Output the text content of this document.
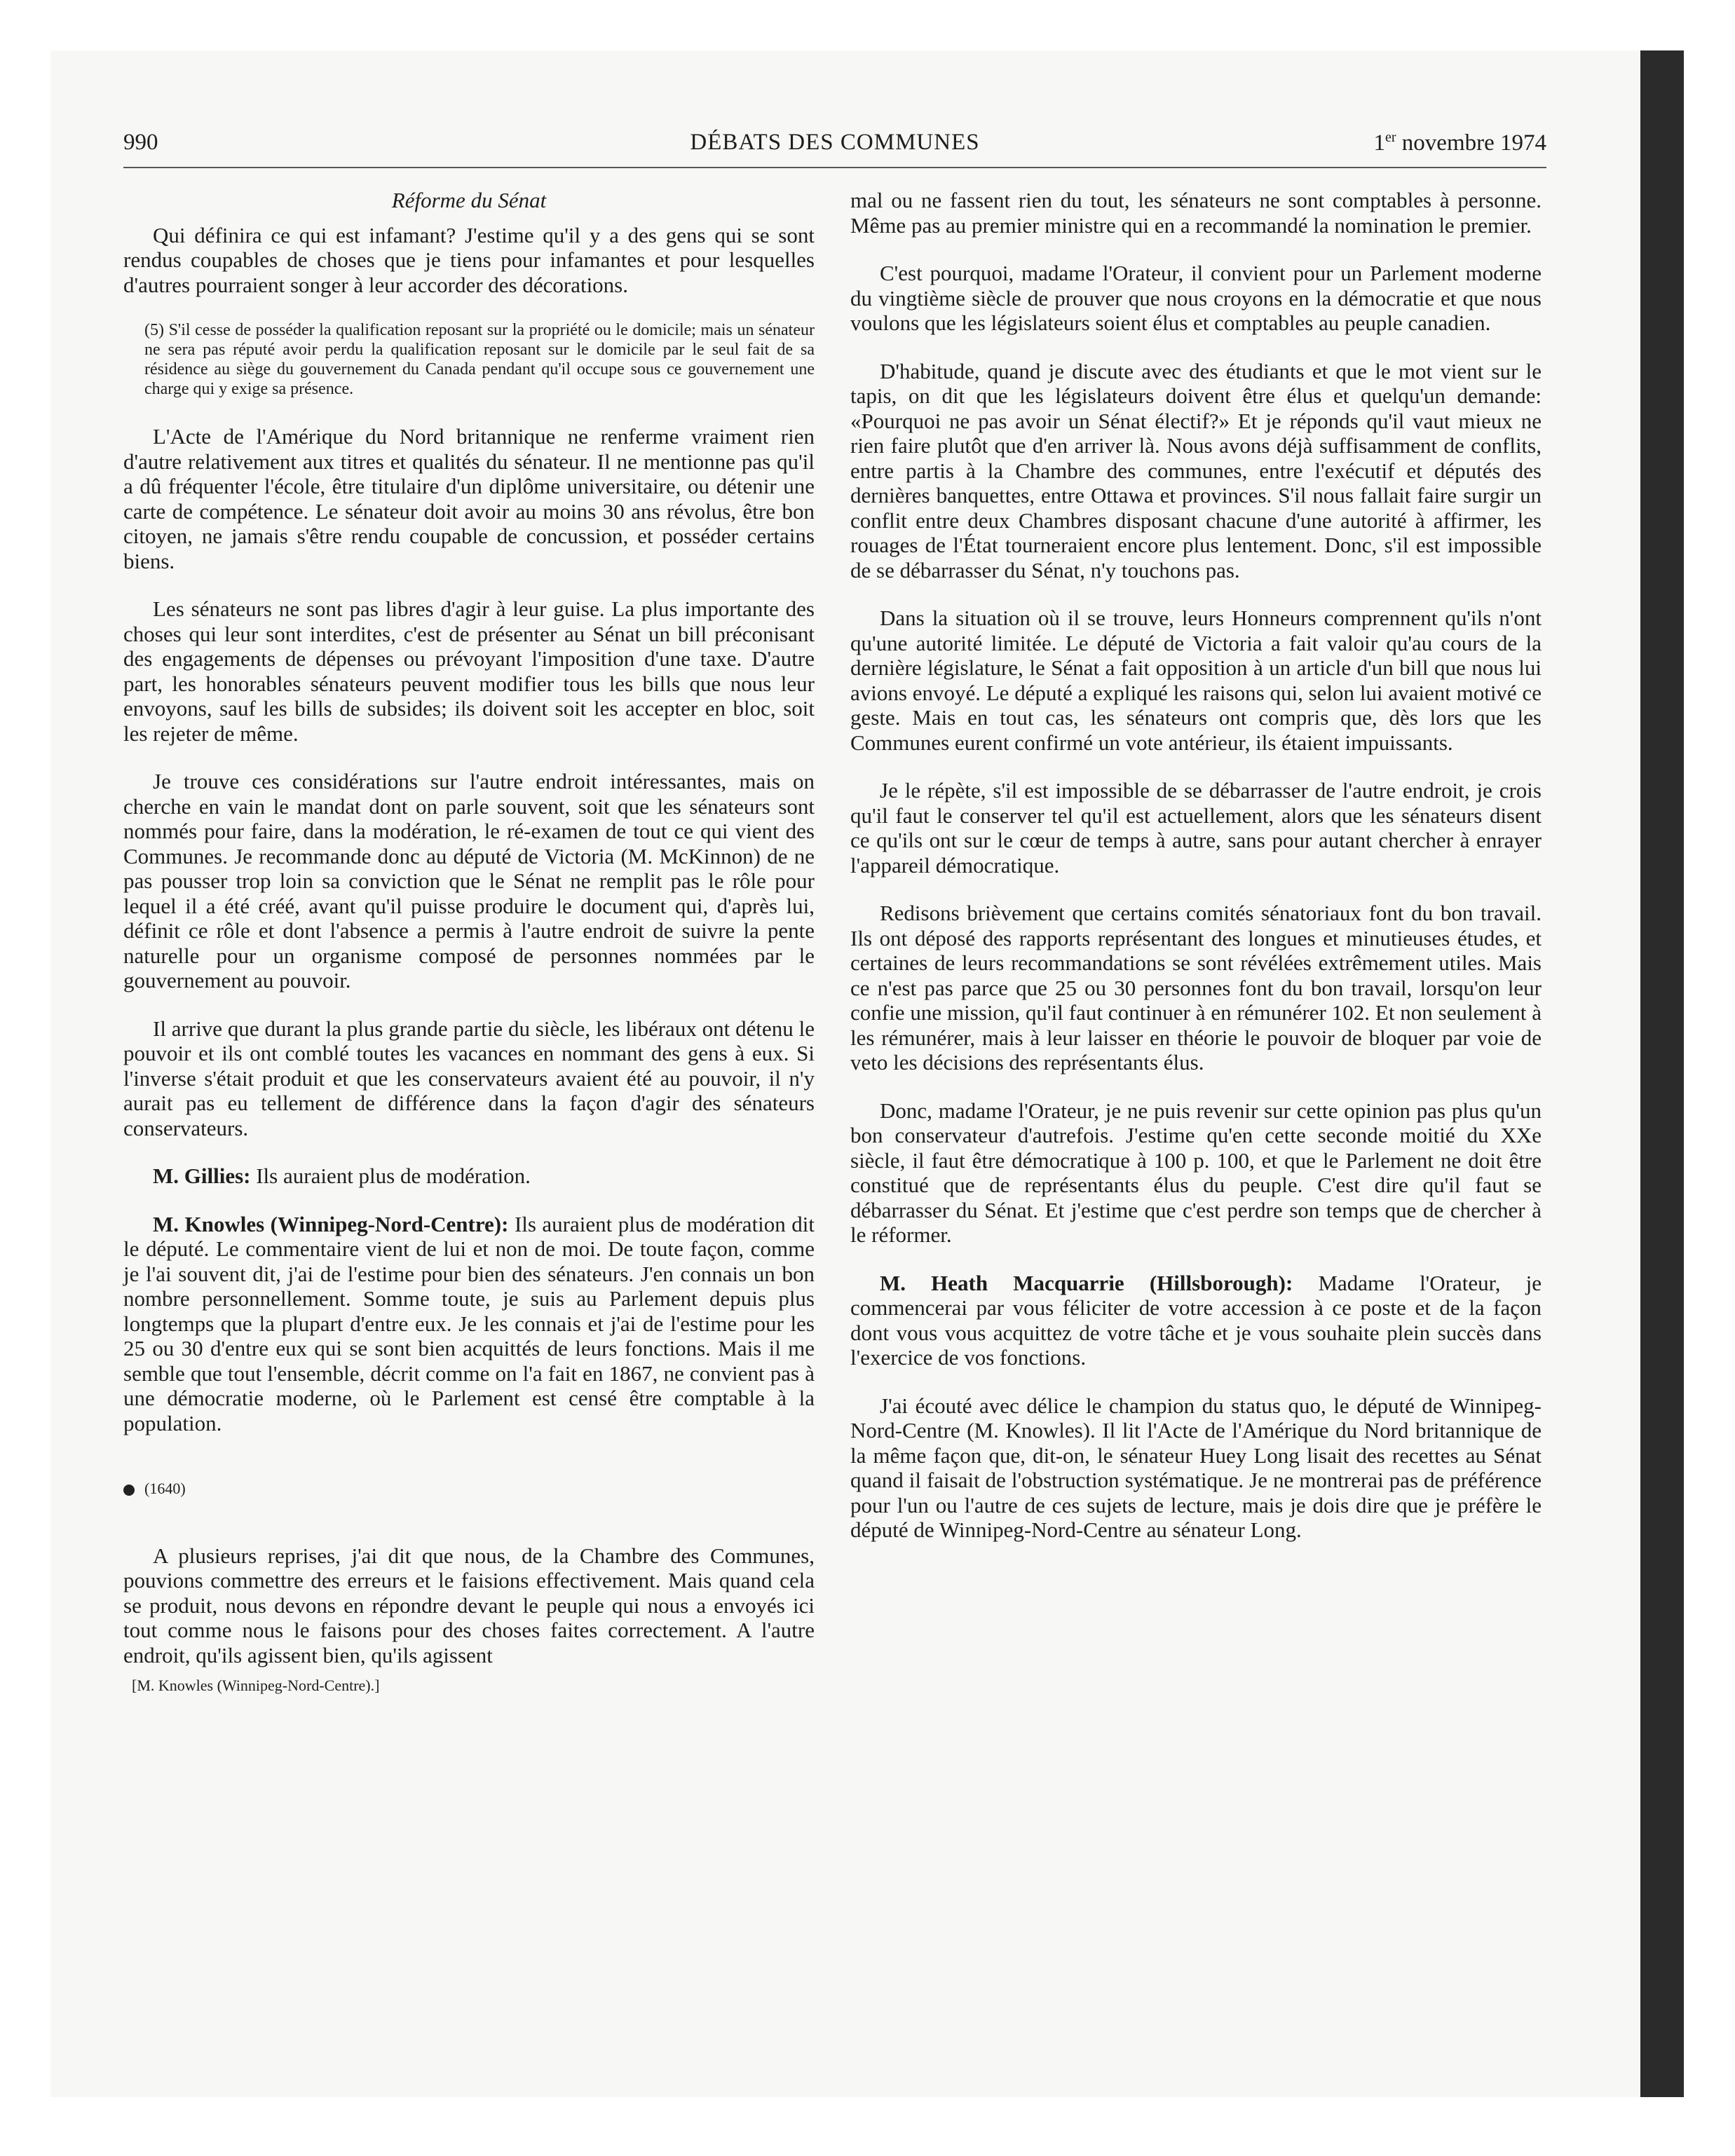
990	DÉBATS DES COMMUNES	1er novembre 1974
Réforme du Sénat

Qui définira ce qui est infamant? J'estime qu'il y a des gens qui se sont rendus coupables de choses que je tiens pour infamantes et pour lesquelles d'autres pourraient songer à leur accorder des décorations.

(5) S'il cesse de posséder la qualification reposant sur la propriété ou le domicile; mais un sénateur ne sera pas réputé avoir perdu la qualification reposant sur le domicile par le seul fait de sa résidence au siège du gouvernement du Canada pendant qu'il occupe sous ce gouvernement une charge qui y exige sa présence.

L'Acte de l'Amérique du Nord britannique ne renferme vraiment rien d'autre relativement aux titres et qualités du sénateur. Il ne mentionne pas qu'il a dû fréquenter l'école, être titulaire d'un diplôme universitaire, ou détenir une carte de compétence. Le sénateur doit avoir au moins 30 ans révolus, être bon citoyen, ne jamais s'être rendu coupable de concussion, et posséder certains biens.

Les sénateurs ne sont pas libres d'agir à leur guise. La plus importante des choses qui leur sont interdites, c'est de présenter au Sénat un bill préconisant des engagements de dépenses ou prévoyant l'imposition d'une taxe. D'autre part, les honorables sénateurs peuvent modifier tous les bills que nous leur envoyons, sauf les bills de subsides; ils doivent soit les accepter en bloc, soit les rejeter de même.

Je trouve ces considérations sur l'autre endroit intéressantes, mais on cherche en vain le mandat dont on parle souvent, soit que les sénateurs sont nommés pour faire, dans la modération, le ré-examen de tout ce qui vient des Communes. Je recommande donc au député de Victoria (M. McKinnon) de ne pas pousser trop loin sa conviction que le Sénat ne remplit pas le rôle pour lequel il a été créé, avant qu'il puisse produire le document qui, d'après lui, définit ce rôle et dont l'absence a permis à l'autre endroit de suivre la pente naturelle pour un organisme composé de personnes nommées par le gouvernement au pouvoir.

Il arrive que durant la plus grande partie du siècle, les libéraux ont détenu le pouvoir et ils ont comblé toutes les vacances en nommant des gens à eux. Si l'inverse s'était produit et que les conservateurs avaient été au pouvoir, il n'y aurait pas eu tellement de différence dans la façon d'agir des sénateurs conservateurs.

M. Gillies: Ils auraient plus de modération.

M. Knowles (Winnipeg-Nord-Centre): Ils auraient plus de modération dit le député. Le commentaire vient de lui et non de moi. De toute façon, comme je l'ai souvent dit, j'ai de l'estime pour bien des sénateurs. J'en connais un bon nombre personnellement. Somme toute, je suis au Parlement depuis plus longtemps que la plupart d'entre eux. Je les connais et j'ai de l'estime pour les 25 ou 30 d'entre eux qui se sont bien acquittés de leurs fonctions. Mais il me semble que tout l'ensemble, décrit comme on l'a fait en 1867, ne convient pas à une démocratie moderne, où le Parlement est censé être comptable à la population.

(1640)

A plusieurs reprises, j'ai dit que nous, de la Chambre des Communes, pouvions commettre des erreurs et le faisions effectivement. Mais quand cela se produit, nous devons en répondre devant le peuple qui nous a envoyés ici tout comme nous le faisons pour des choses faites correctement. A l'autre endroit, qu'ils agissent bien, qu'ils agissent

[M. Knowles (Winnipeg-Nord-Centre).]

mal ou ne fassent rien du tout, les sénateurs ne sont comptables à personne. Même pas au premier ministre qui en a recommandé la nomination le premier.

C'est pourquoi, madame l'Orateur, il convient pour un Parlement moderne du vingtième siècle de prouver que nous croyons en la démocratie et que nous voulons que les législateurs soient élus et comptables au peuple canadien.

D'habitude, quand je discute avec des étudiants et que le mot vient sur le tapis, on dit que les législateurs doivent être élus et quelqu'un demande: «Pourquoi ne pas avoir un Sénat électif?» Et je réponds qu'il vaut mieux ne rien faire plutôt que d'en arriver là. Nous avons déjà suffisamment de conflits, entre partis à la Chambre des communes, entre l'exécutif et députés des dernières banquettes, entre Ottawa et provinces. S'il nous fallait faire surgir un conflit entre deux Chambres disposant chacune d'une autorité à affirmer, les rouages de l'État tourneraient encore plus lentement. Donc, s'il est impossible de se débarrasser du Sénat, n'y touchons pas.

Dans la situation où il se trouve, leurs Honneurs comprennent qu'ils n'ont qu'une autorité limitée. Le député de Victoria a fait valoir qu'au cours de la dernière législature, le Sénat a fait opposition à un article d'un bill que nous lui avions envoyé. Le député a expliqué les raisons qui, selon lui avaient motivé ce geste. Mais en tout cas, les sénateurs ont compris que, dès lors que les Communes eurent confirmé un vote antérieur, ils étaient impuissants.

Je le répète, s'il est impossible de se débarrasser de l'autre endroit, je crois qu'il faut le conserver tel qu'il est actuellement, alors que les sénateurs disent ce qu'ils ont sur le cœur de temps à autre, sans pour autant chercher à enrayer l'appareil démocratique.

Redisons brièvement que certains comités sénatoriaux font du bon travail. Ils ont déposé des rapports représentant des longues et minutieuses études, et certaines de leurs recommandations se sont révélées extrêmement utiles. Mais ce n'est pas parce que 25 ou 30 personnes font du bon travail, lorsqu'on leur confie une mission, qu'il faut continuer à en rémunérer 102. Et non seulement à les rémunérer, mais à leur laisser en théorie le pouvoir de bloquer par voie de veto les décisions des représentants élus.

Donc, madame l'Orateur, je ne puis revenir sur cette opinion pas plus qu'un bon conservateur d'autrefois. J'estime qu'en cette seconde moitié du XXe siècle, il faut être démocratique à 100 p. 100, et que le Parlement ne doit être constitué que de représentants élus du peuple. C'est dire qu'il faut se débarrasser du Sénat. Et j'estime que c'est perdre son temps que de chercher à le réformer.

M. Heath Macquarrie (Hillsborough): Madame l'Orateur, je commencerai par vous féliciter de votre accession à ce poste et de la façon dont vous vous acquittez de votre tâche et je vous souhaite plein succès dans l'exercice de vos fonctions.

J'ai écouté avec délice le champion du status quo, le député de Winnipeg-Nord-Centre (M. Knowles). Il lit l'Acte de l'Amérique du Nord britannique de la même façon que, dit-on, le sénateur Huey Long lisait des recettes au Sénat quand il faisait de l'obstruction systématique. Je ne montrerai pas de préférence pour l'un ou l'autre de ces sujets de lecture, mais je dois dire que je préfère le député de Winnipeg-Nord-Centre au sénateur Long.
